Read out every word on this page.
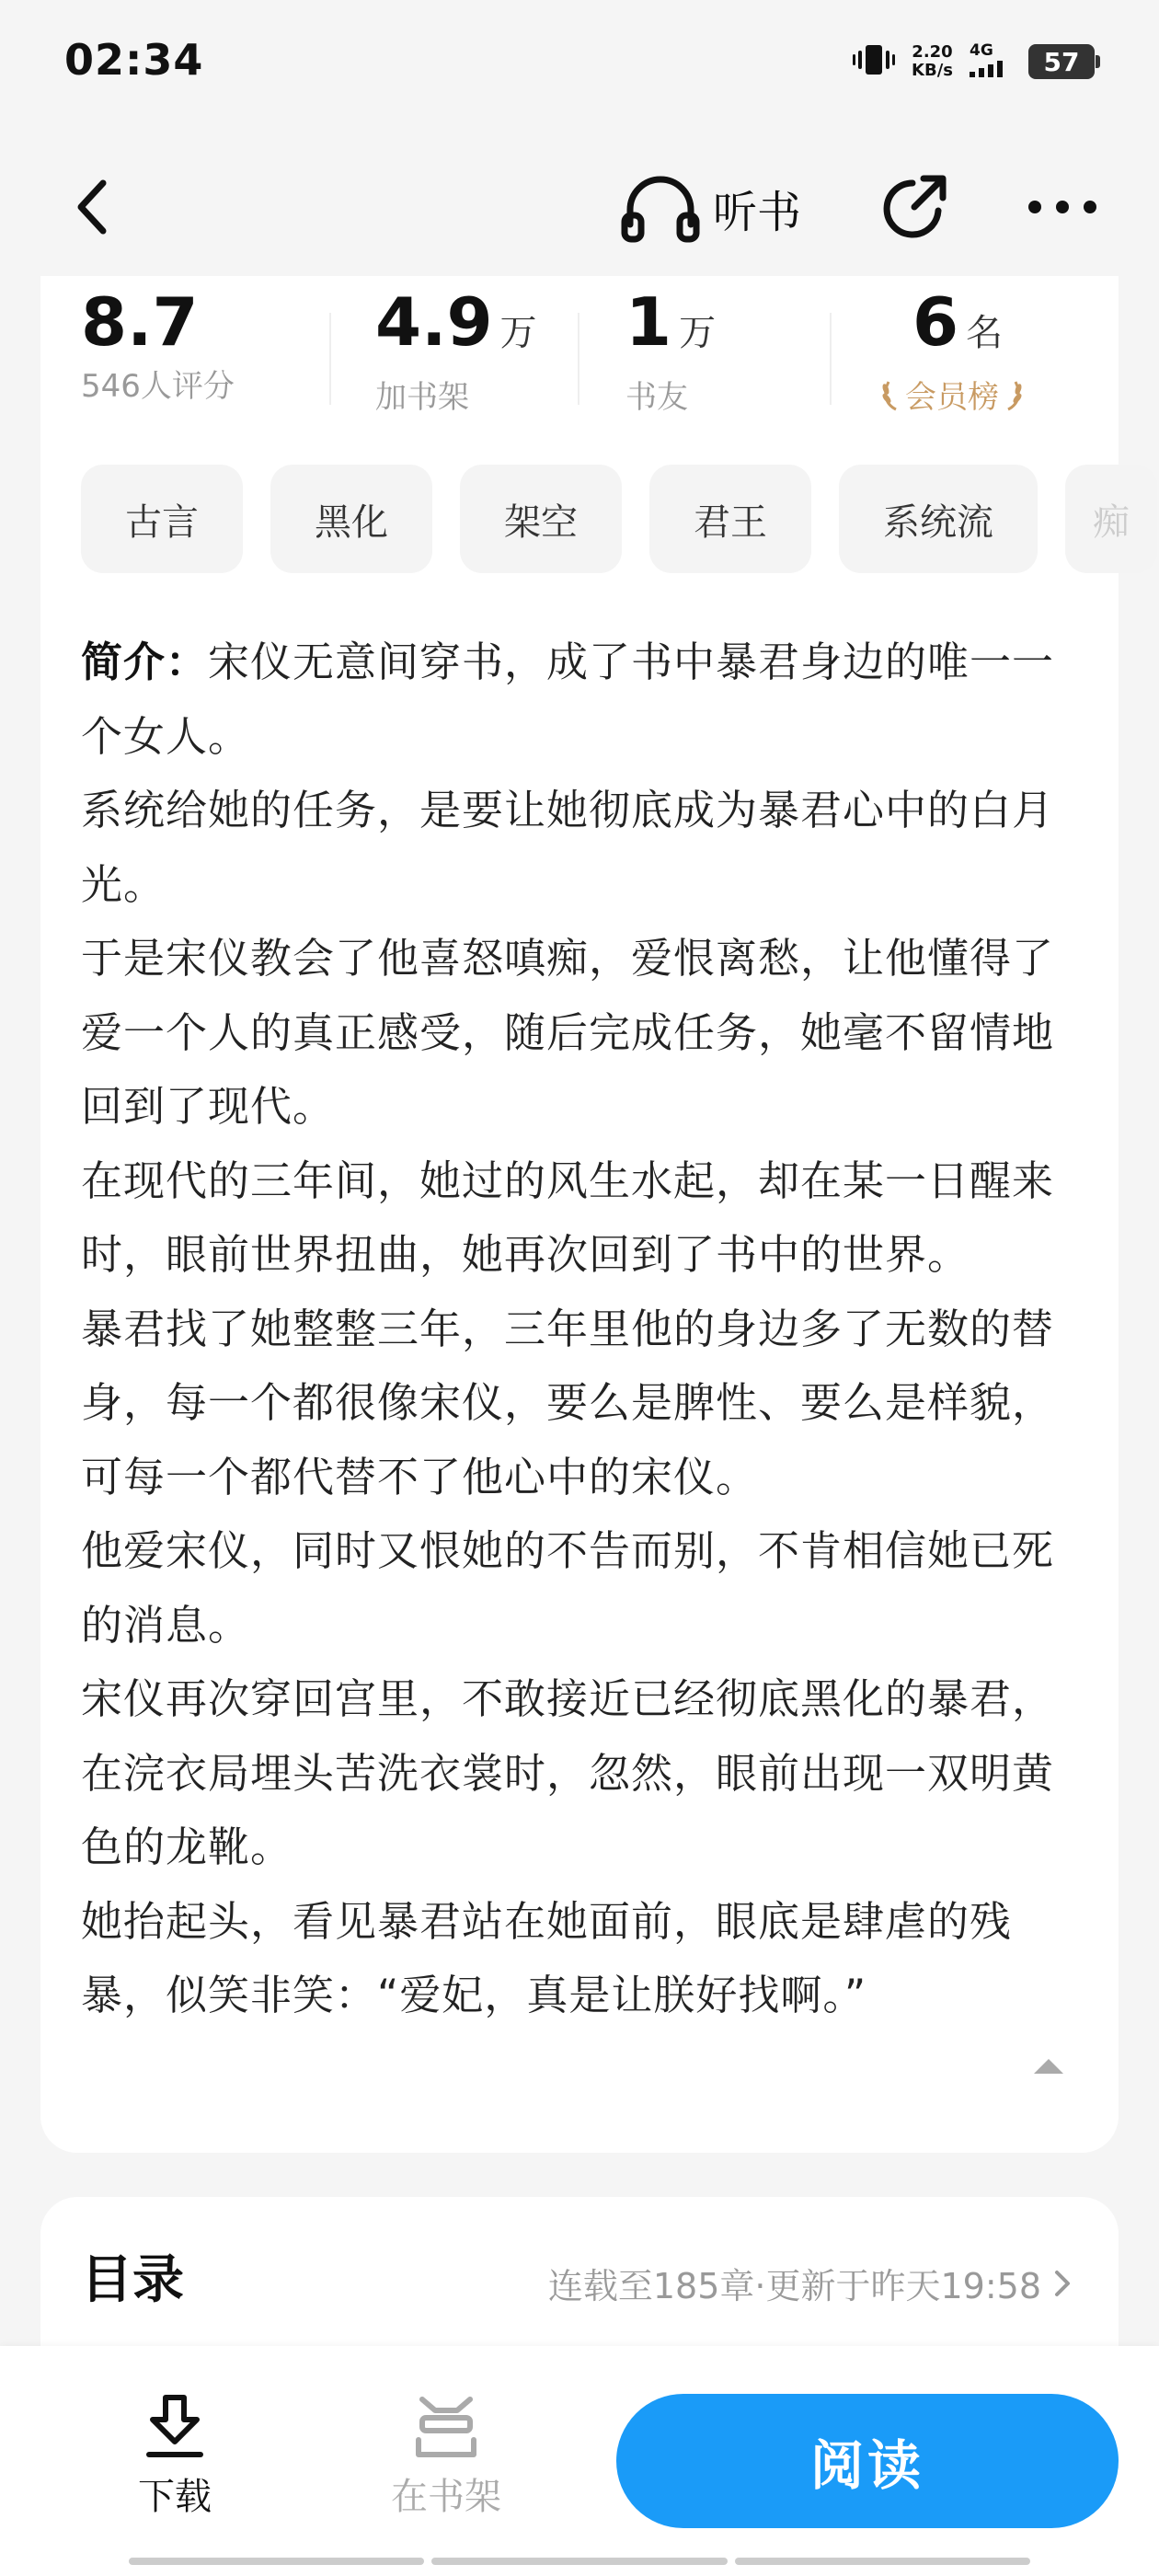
02:34	2.20
KB/s
4G	57
听书
8.7
546人评分
4.9 万
加书架
1 万
书友
6 名
会员榜
古言	黑化	架空	君王	系统流	痴

简介：宋仪无意间穿书，成了书中暴君身边的唯一一个女人。

系统给她的任务，是要让她彻底成为暴君心中的白月光。

于是宋仪教会了他喜怒嗔痴，爱恨离愁，让他懂得了爱一个人的真正感受，随后完成任务，她毫不留情地回到了现代。

在现代的三年间，她过的风生水起，却在某一日醒来时，眼前世界扭曲，她再次回到了书中的世界。

暴君找了她整整三年，三年里他的身边多了无数的替身，每一个都很像宋仪，要么是脾性、要么是样貌，可每一个都代替不了他心中的宋仪。

他爱宋仪，同时又恨她的不告而别，不肯相信她已死的消息。

宋仪再次穿回宫里，不敢接近已经彻底黑化的暴君，在浣衣局埋头苦洗衣裳时，忽然，眼前出现一双明黄色的龙靴。

她抬起头，看见暴君站在她面前，眼底是肆虐的残暴，似笑非笑：“爱妃，真是让朕好找啊。”

目录	连载至185章·更新于昨天19:58
下载	在书架	阅读
